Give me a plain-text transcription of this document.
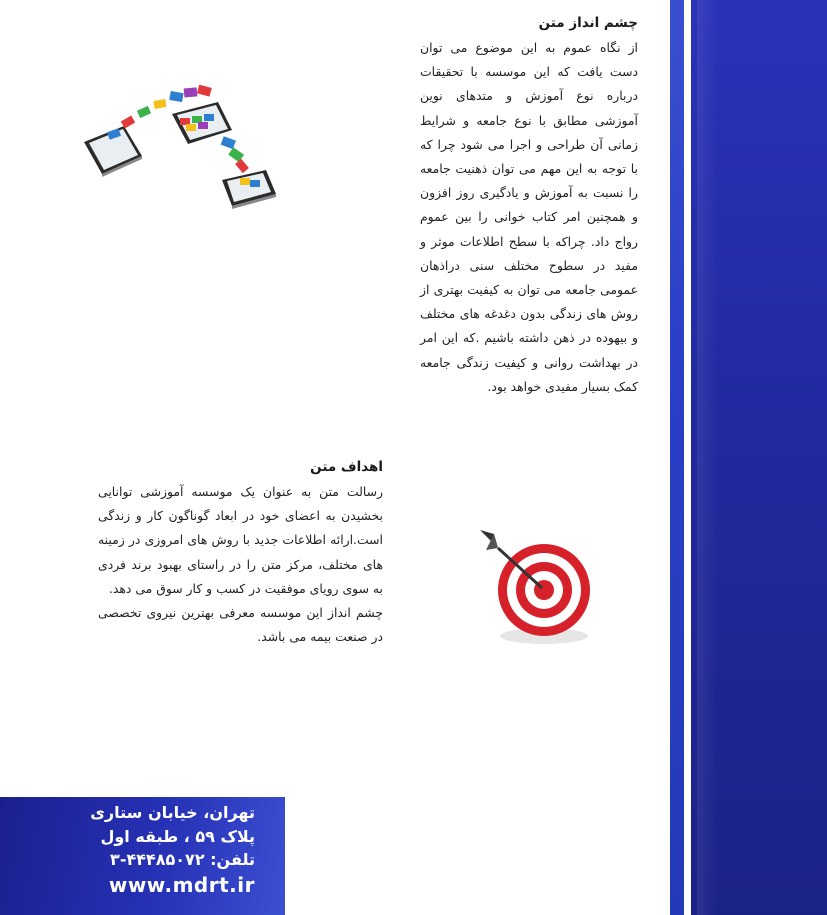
چشم انداز متن

از نگاه عموم به این موضوع می توان دست یافت که این موسسه با تحقیقات درباره نوع آموزش و متدهای نوین آموزشی مطابق با نوع جامعه و شرایط زمانی آن طراحی و اجرا می شود چرا که با توجه به این مهم می توان ذهنیت جامعه را نسبت به آموزش و یادگیری روز افزون و همچنین امر کتاب خوانی را بین عموم رواج داد. چراکه با سطح اطلاعات موثر و مفید در سطوح مختلف سنی دراذهان عمومی جامعه می توان به کیفیت بهتری از روش های زندگی بدون دغدغه های مختلف و بیهوده در ذهن داشته باشیم .که این امر در بهداشت روانی و کیفیت زندگی جامعه کمک بسیار مفیدی خواهد بود.

اهداف متن

رسالت متن به عنوان یک موسسه آموزشی توانایی بخشیدن به اعضای خود در ابعاد گوناگون کار و زندگی است.ارائه اطلاعات جدید با روش های امروزی در زمینه های مختلف، مرکز متن را در راستای بهبود برند فردی به سوی رویای موفقیت در کسب و کار سوق می دهد.

چشم انداز این موسسه معرفی بهترین نیروی تخصصی در صنعت بیمه می باشد.

تهران، خیابان ستاری
پلاک ۵۹ ، طبقه اول
تلفن: ۴۴۴۸۵۰۷۲-۳
www.mdrt.ir
